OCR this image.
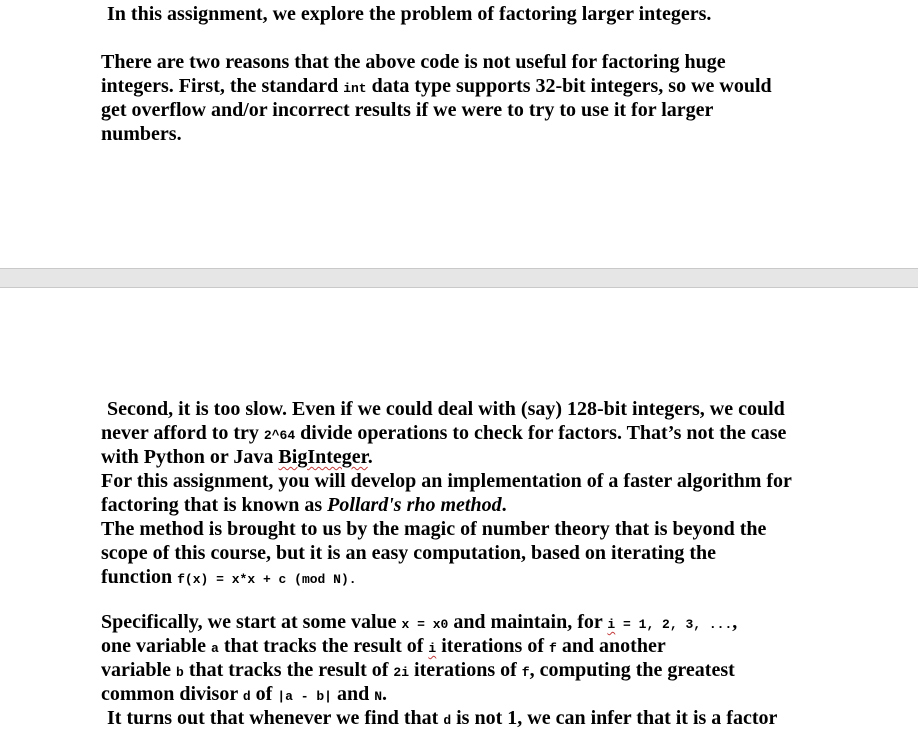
In this assignment, we explore the problem of factoring larger integers.

There are two reasons that the above code is not useful for factoring huge
integers. First, the standard int data type supports 32-bit integers, so we would
get overflow and/or incorrect results if we were to try to use it for larger
numbers.
Second, it is too slow. Even if we could deal with (say) 128-bit integers, we could
never afford to try 2^64 divide operations to check for factors. That’s not the case
with Python or Java BigInteger.
For this assignment, you will develop an implementation of a faster algorithm for
factoring that is known as Pollard's rho method.
The method is brought to us by the magic of number theory that is beyond the
scope of this course, but it is an easy computation, based on iterating the
function f(x) = x*x + c (mod N).
Specifically, we start at some value x = x0 and maintain, for i = 1, 2, 3, ...,
one variable a that tracks the result of i iterations of f and another
variable b that tracks the result of 2i iterations of f, computing the greatest
common divisor d of |a - b| and N.
It turns out that whenever we find that d is not 1, we can infer that it is a factor
